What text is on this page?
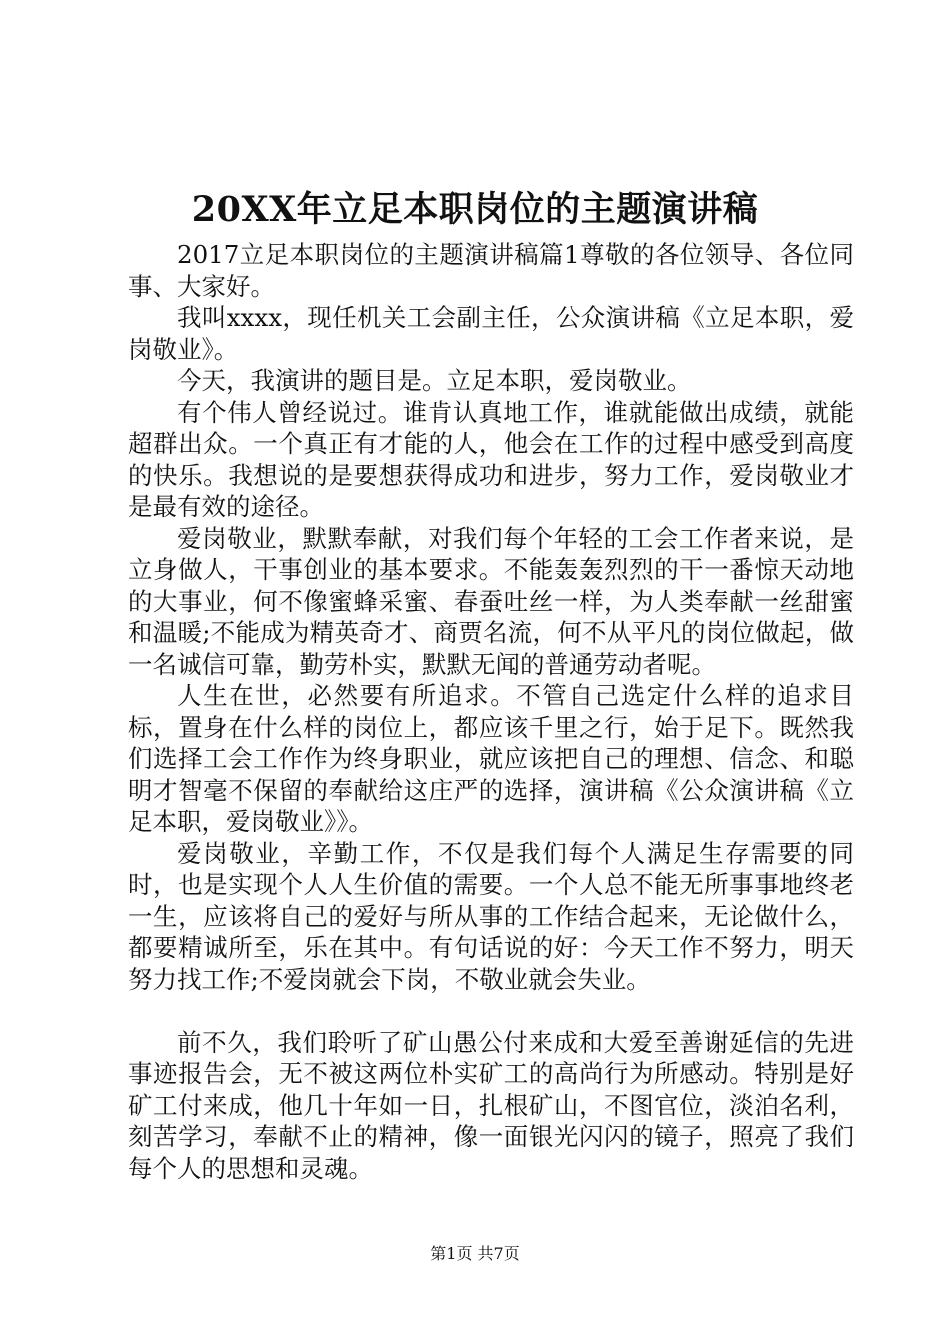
20XX年立足本职岗位的主题演讲稿

2017立足本职岗位的主题演讲稿篇1尊敬的各位领导、各位同事、大家好。

我叫xxxx，现任机关工会副主任，公众演讲稿《立足本职，爱岗敬业》。

今天，我演讲的题目是。立足本职，爱岗敬业。

有个伟人曾经说过。谁肯认真地工作，谁就能做出成绩，就能超群出众。一个真正有才能的人，他会在工作的过程中感受到高度的快乐。我想说的是要想获得成功和进步，努力工作，爱岗敬业才是最有效的途径。

爱岗敬业，默默奉献，对我们每个年轻的工会工作者来说，是立身做人，干事创业的基本要求。不能轰轰烈烈的干一番惊天动地的大事业，何不像蜜蜂采蜜、春蚕吐丝一样，为人类奉献一丝甜蜜和温暖;不能成为精英奇才、商贾名流，何不从平凡的岗位做起，做一名诚信可靠，勤劳朴实，默默无闻的普通劳动者呢。

人生在世，必然要有所追求。不管自己选定什么样的追求目标，置身在什么样的岗位上，都应该千里之行，始于足下。既然我们选择工会工作作为终身职业，就应该把自己的理想、信念、和聪明才智毫不保留的奉献给这庄严的选择，演讲稿《公众演讲稿《立足本职，爱岗敬业》》。

爱岗敬业，辛勤工作，不仅是我们每个人满足生存需要的同时，也是实现个人人生价值的需要。一个人总不能无所事事地终老一生，应该将自己的爱好与所从事的工作结合起来，无论做什么，都要精诚所至，乐在其中。有句话说的好：今天工作不努力，明天努力找工作;不爱岗就会下岗，不敬业就会失业。

前不久，我们聆听了矿山愚公付来成和大爱至善谢延信的先进事迹报告会，无不被这两位朴实矿工的高尚行为所感动。特别是好矿工付来成，他几十年如一日，扎根矿山，不图官位，淡泊名利，刻苦学习，奉献不止的精神，像一面银光闪闪的镜子，照亮了我们每个人的思想和灵魂。

第1页 共7页
